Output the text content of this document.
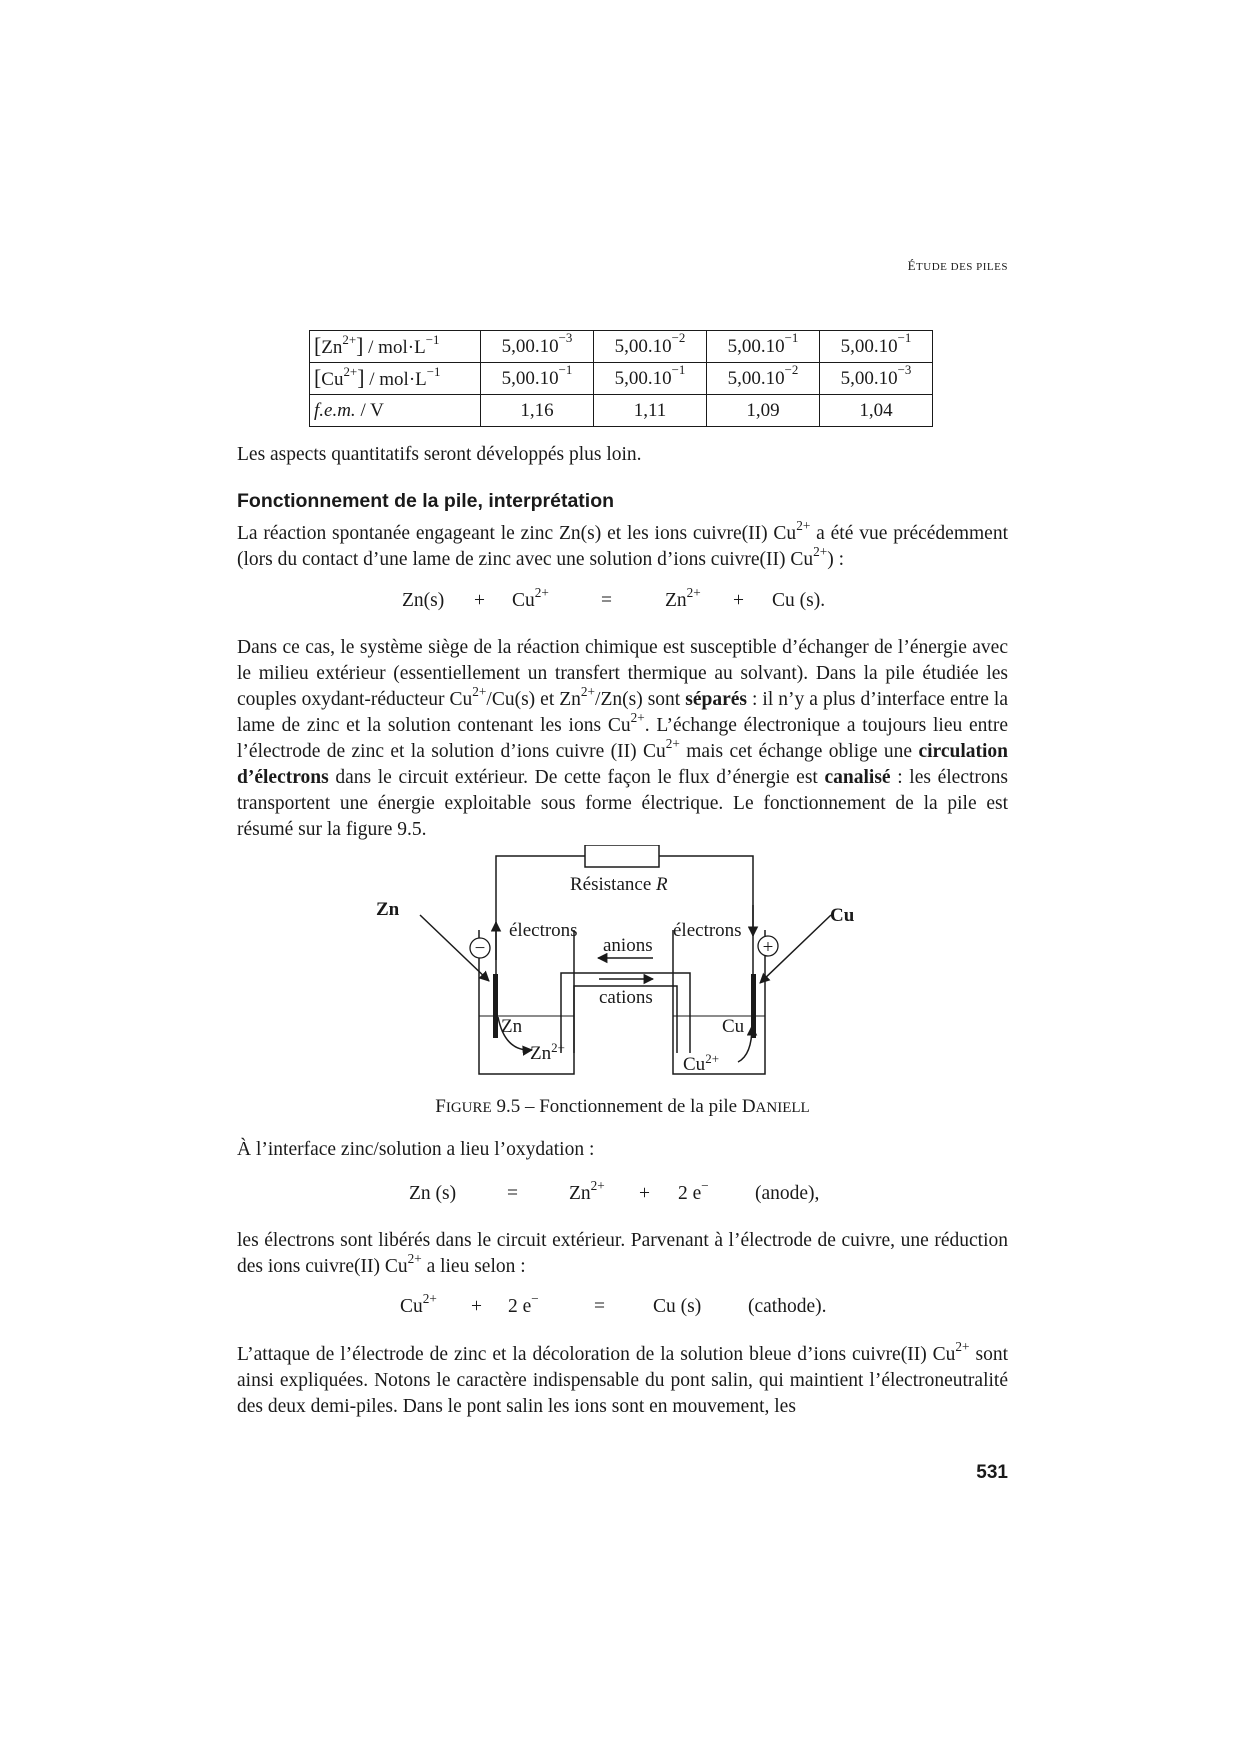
ÉTUDE DES PILES
$[Zn^{2+}] / mol\cdot L^{-1}$	$5,00.10^{-3}$	$5,00.10^{-2}$	$5,00.10^{-1}$	$5,00.10^{-1}$
$[Cu^{2+}] / mol\cdot L^{-1}$	$5,00.10^{-1}$	$5,00.10^{-1}$	$5,00.10^{-2}$	$5,00.10^{-3}$
f.e.m. / V	1,16	1,11	1,09	1,04
Les aspects quantitatifs seront développés plus loin.
Fonctionnement de la pile, interprétation
La réaction spontanée engageant le zinc Zn(s) et les ions cuivre(II) $Cu^{2+}$ a été vue précédemment (lors du contact d’une lame de zinc avec une solution d’ions cuivre(II) $Cu^{2+}$) :
$Zn(s) + Cu^{2+}$	=	$Zn^{2+} + Cu$ (s).
Dans ce cas, le système siège de la réaction chimique est susceptible d’échanger de l’énergie avec le milieu extérieur (essentiellement un transfert thermique au solvant). Dans la pile étudiée les couples oxydant-réducteur $Cu^{2+}/Cu(s)$ et $Zn^{2+}/Zn(s)$ sont séparés : il n’y a plus d’interface entre la lame de zinc et la solution contenant les ions $Cu^{2+}$. L’échange électronique a toujours lieu entre l’électrode de zinc et la solution d’ions cuivre (II) $Cu^{2+}$ mais cet échange oblige une circulation d’électrons dans le circuit extérieur. De cette façon le flux d’énergie est canalisé : les électrons transportent une énergie exploitable sous forme électrique. Le fonctionnement de la pile est résumé sur la figure 9.5.
−	+
Résistance R
Zn	Cu
électrons	électrons
anions
cations
Zn	Cu
$Zn^{2+}$
$Cu^{2+}$
FIGURE 9.5 – Fonctionnement de la pile DANIELL
À l’interface zinc/solution a lieu l’oxydation :
Zn (s)	=	$Zn^{2+} + 2$ e− (anode),
les électrons sont libérés dans le circuit extérieur. Parvenant à l’électrode de cuivre, une réduction des ions cuivre(II) $Cu^{2+}$ a lieu selon :
$Cu^{2+} + 2$ e−	= Cu (s) (cathode).
L’attaque de l’électrode de zinc et la décoloration de la solution bleue d’ions cuivre(II) $Cu^{2+}$ sont ainsi expliquées. Notons le caractère indispensable du pont salin, qui maintient l’électroneutralité des deux demi-piles. Dans le pont salin les ions sont en mouvement, les
531
